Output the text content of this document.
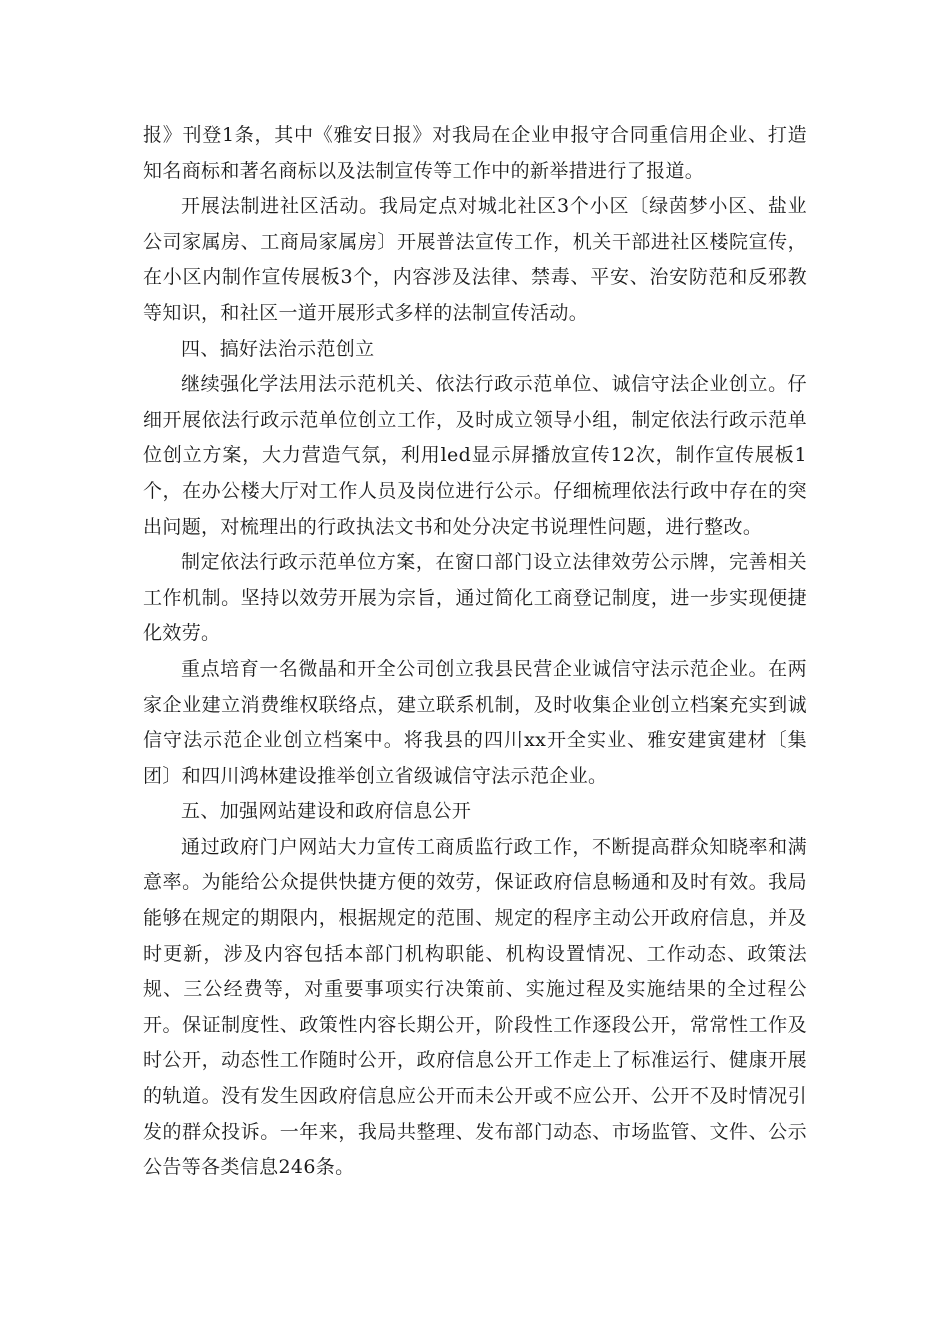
报》刊登1条，其中《雅安日报》对我局在企业申报守合同重信用企业、打造知名商标和著名商标以及法制宣传等工作中的新举措进行了报道。

开展法制进社区活动。我局定点对城北社区3个小区〔绿茵梦小区、盐业公司家属房、工商局家属房〕开展普法宣传工作，机关干部进社区楼院宣传，在小区内制作宣传展板3个，内容涉及法律、禁毒、平安、治安防范和反邪教等知识，和社区一道开展形式多样的法制宣传活动。

四、搞好法治示范创立

继续强化学法用法示范机关、依法行政示范单位、诚信守法企业创立。仔细开展依法行政示范单位创立工作，及时成立领导小组，制定依法行政示范单位创立方案，大力营造气氛，利用led显示屏播放宣传12次，制作宣传展板1个，在办公楼大厅对工作人员及岗位进行公示。仔细梳理依法行政中存在的突出问题，对梳理出的行政执法文书和处分决定书说理性问题，进行整改。

制定依法行政示范单位方案，在窗口部门设立法律效劳公示牌，完善相关工作机制。坚持以效劳开展为宗旨，通过简化工商登记制度，进一步实现便捷化效劳。

重点培育一名微晶和开全公司创立我县民营企业诚信守法示范企业。在两家企业建立消费维权联络点，建立联系机制，及时收集企业创立档案充实到诚信守法示范企业创立档案中。将我县的四川xx开全实业、雅安建寅建材〔集团〕和四川鸿林建设推举创立省级诚信守法示范企业。

五、加强网站建设和政府信息公开

通过政府门户网站大力宣传工商质监行政工作，不断提高群众知晓率和满意率。为能给公众提供快捷方便的效劳，保证政府信息畅通和及时有效。我局能够在规定的期限内，根据规定的范围、规定的程序主动公开政府信息，并及时更新，涉及内容包括本部门机构职能、机构设置情况、工作动态、政策法规、三公经费等，对重要事项实行决策前、实施过程及实施结果的全过程公开。保证制度性、政策性内容长期公开，阶段性工作逐段公开，常常性工作及时公开，动态性工作随时公开，政府信息公开工作走上了标准运行、健康开展的轨道。没有发生因政府信息应公开而未公开或不应公开、公开不及时情况引发的群众投诉。一年来，我局共整理、发布部门动态、市场监管、文件、公示公告等各类信息246条。
